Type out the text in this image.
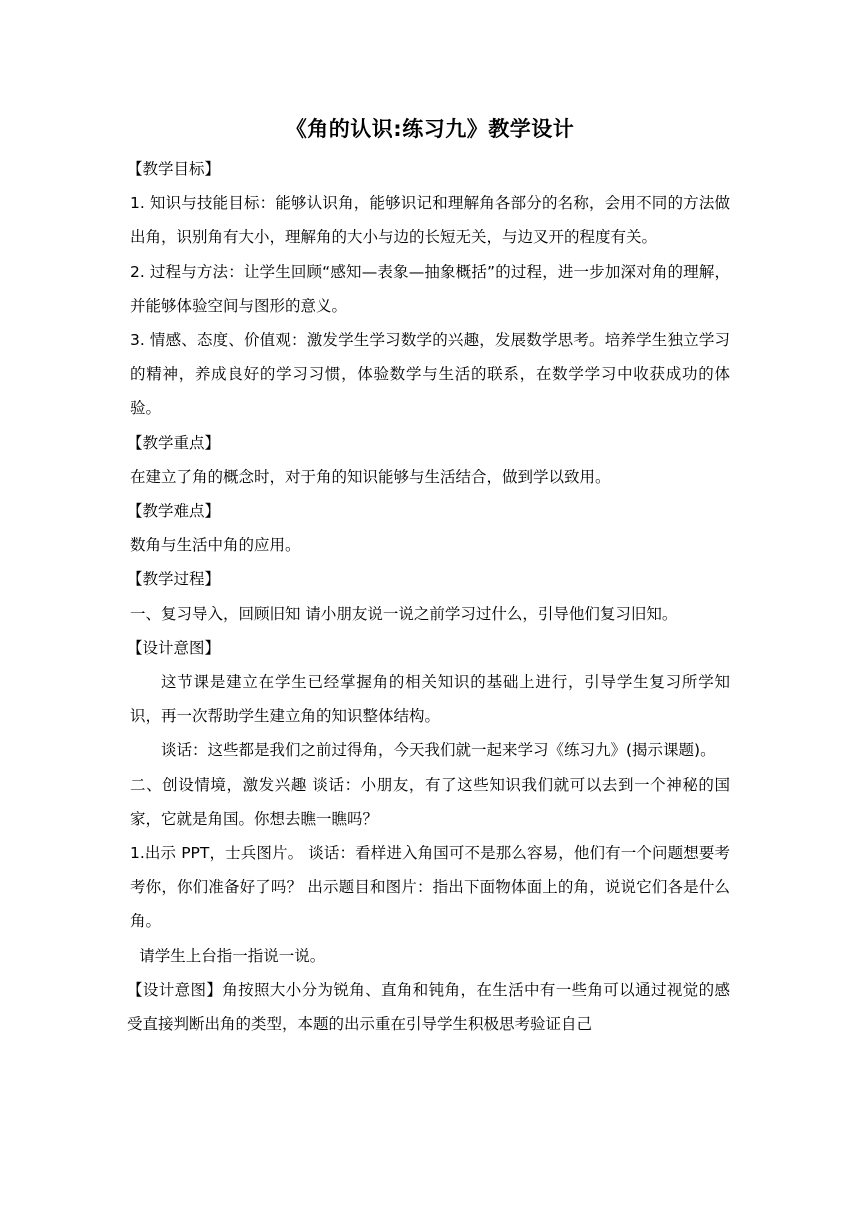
《角的认识:练习九》教学设计

【教学目标】

1. 知识与技能目标：能够认识角，能够识记和理解角各部分的名称，会用不同的方法做出角，识别角有大小，理解角的大小与边的长短无关，与边叉开的程度有关。

2. 过程与方法：让学生回顾“感知—表象—抽象概括”的过程，进一步加深对角的理解，并能够体验空间与图形的意义。

3. 情感、态度、价值观：激发学生学习数学的兴趣，发展数学思考。培养学生独立学习的精神，养成良好的学习习惯，体验数学与生活的联系，在数学学习中收获成功的体验。

【教学重点】

在建立了角的概念时，对于角的知识能够与生活结合，做到学以致用。

【教学难点】

数角与生活中角的应用。

【教学过程】

一、复习导入，回顾旧知 请小朋友说一说之前学习过什么，引导他们复习旧知。

【设计意图】

这节课是建立在学生已经掌握角的相关知识的基础上进行，引导学生复习所学知识，再一次帮助学生建立角的知识整体结构。

谈话：这些都是我们之前过得角，今天我们就一起来学习《练习九》(揭示课题)。

二、创设情境，激发兴趣 谈话：小朋友，有了这些知识我们就可以去到一个神秘的国家，它就是角国。你想去瞧一瞧吗？

1.出示 PPT，士兵图片。 谈话：看样进入角国可不是那么容易，他们有一个问题想要考考你，你们准备好了吗？ 出示题目和图片：指出下面物体面上的角，说说它们各是什么角。

请学生上台指一指说一说。

【设计意图】角按照大小分为锐角、直角和钝角，在生活中有一些角可以通过视觉的感受直接判断出角的类型，本题的出示重在引导学生积极思考验证自己
